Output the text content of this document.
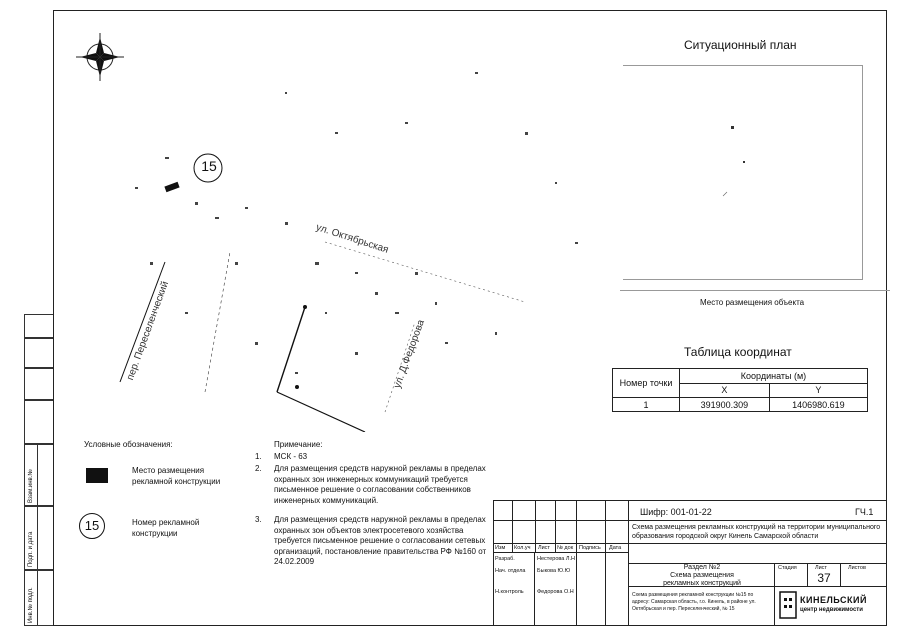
Взам.инв.№
Подп. и дата
Инв.№ подл.
15
ул. Октябрьская
пер. Переселенческий	ул. Д.Федорова
Ситуационный план
Место размещения объекта
Таблица координат
Номер точки	Координаты (м)	
	X	Y
1	391900.309	1406980.619
Условные обозначения:
Место размещения рекламной конструкции
15	Номер рекламной конструкции
Примечание:
1. МСК - 63
2. Для размещения средств наружной рекламы в пределах охранных зон инженерных коммуникаций требуется письменное решение о согласовании собственников инженерных коммуникаций.
3. Для размещения средств наружной рекламы в пределах охранных зон объектов электросетевого хозяйства требуется письменное решение о согласовании сетевых организаций, постановление правительства РФ №160 от 24.02.2009
Шифр: 001-01-22	ГЧ.1
Схема размещения рекламных конструкций на территории муниципального образования городской округ Кинель Самарской области
Изм Кол.уч Лист № док Подпись Дата
Разраб.	Нестерова Л.Н
Нач. отдела Быкова Ю.Ю
Н.контроль Федорова О.Н
Раздел №2
Схема размещения рекламных конструкций
Стадия	Лист	Листов
37
Схема размещения рекламной конструкции №15 по адресу: Самарская область, г.о. Кинель, в районе ул. Октябрьская и пер. Переселенческий, № 15
КИНЕЛЬСКИЙ
центр недвижимости
